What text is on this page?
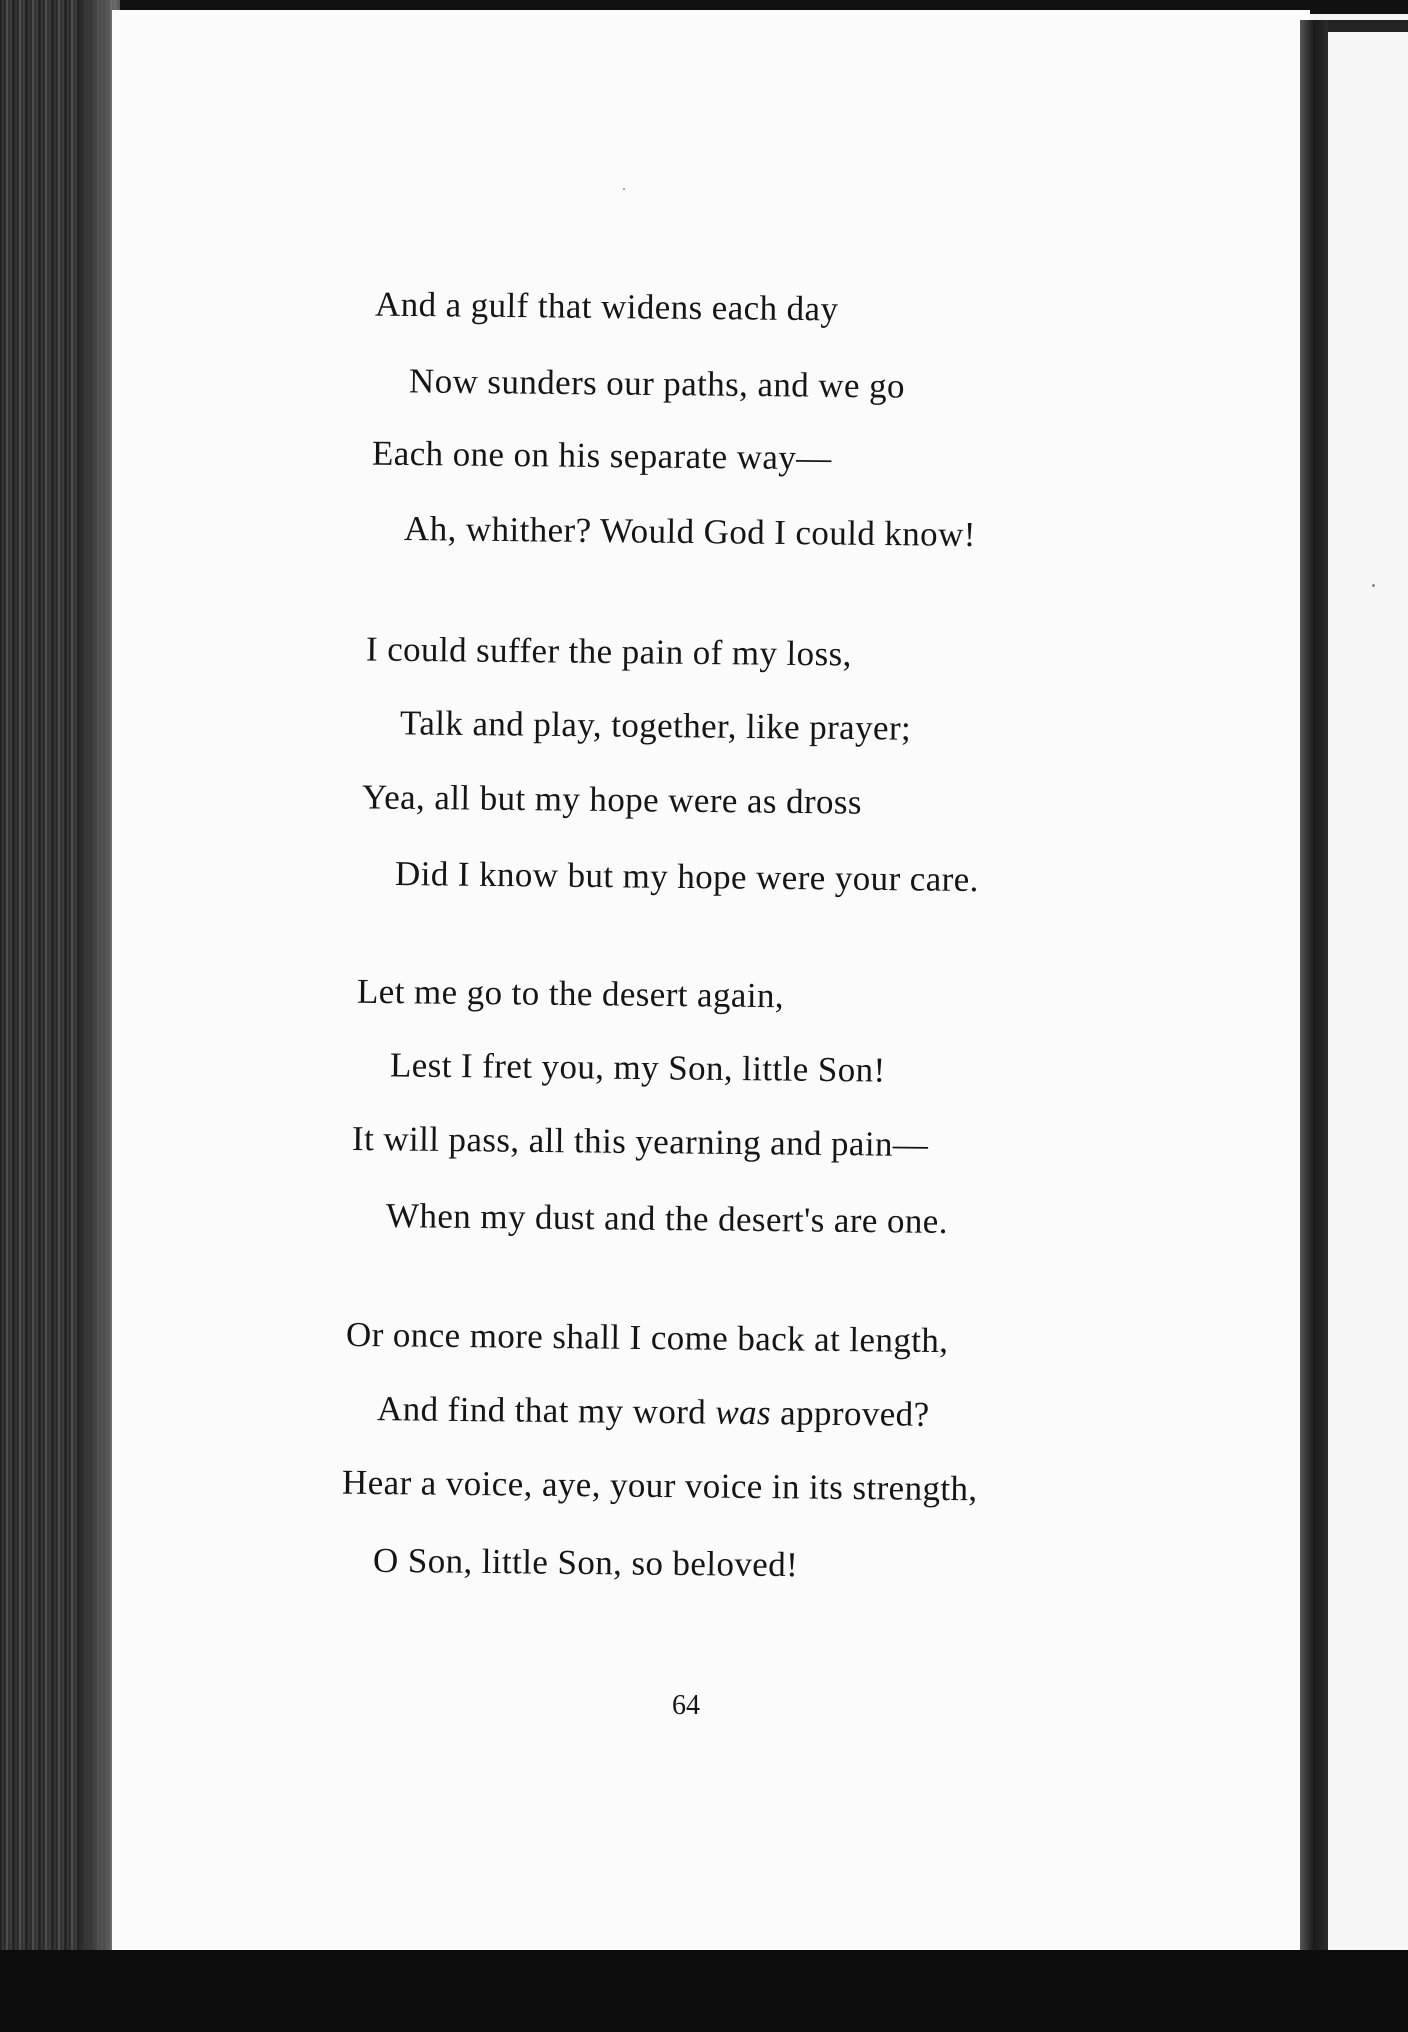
And a gulf that widens each day
Now sunders our paths, and we go
Each one on his separate way—
Ah, whither? Would God I could know!
I could suffer the pain of my loss,
Talk and play, together, like prayer;
Yea, all but my hope were as dross
Did I know but my hope were your care.
Let me go to the desert again,
Lest I fret you, my Son, little Son!
It will pass, all this yearning and pain—
When my dust and the desert's are one.
Or once more shall I come back at length,
And find that my word was approved?
Hear a voice, aye, your voice in its strength,
O Son, little Son, so beloved!
64
